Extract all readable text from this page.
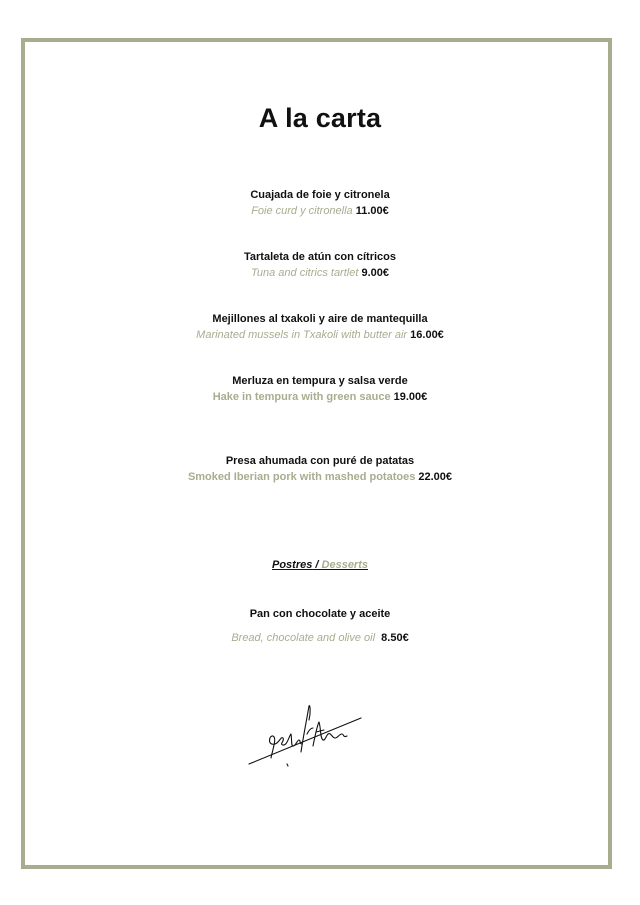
A la carta
Cuajada de foie y citronela
Foie curd y citronella 11.00€
Tartaleta de atún con cítricos
Tuna and citrics tartlet 9.00€
Mejillones al txakoli y aire de mantequilla
Marinated mussels in Txakoli with butter air 16.00€
Merluza en tempura y salsa verde
Hake in tempura with green sauce 19.00€
Presa ahumada con puré de patatas
Smoked Iberian pork with mashed potatoes 22.00€
Postres / Desserts
Pan con chocolate y aceite
Bread, chocolate and olive oil 8.50€
